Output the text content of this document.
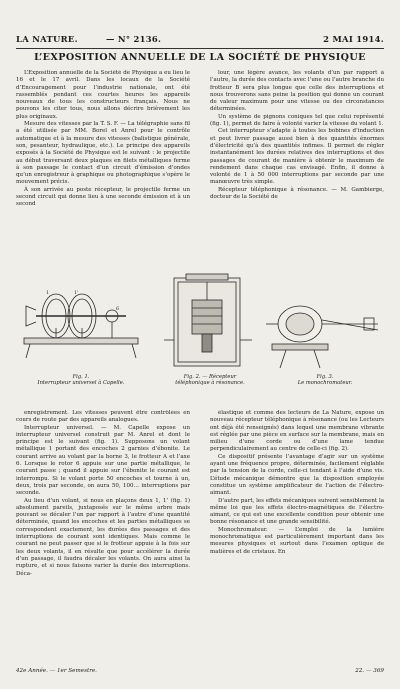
LA NATURE.	— N° 2136.	2 MAI 1914.
L’EXPOSITION ANNUELLE DE LA SOCIÉTÉ DE PHYSIQUE

L’Exposition annuelle de la Société de Physique a eu lieu le 16 et le 17 avril. Dans les locaux de la Société d’Encouragement pour l’industrie nationale, ont été rassemblés pendant ces courtes heures les appareils nouveaux de tous les constructeurs français. Nous ne pouvons les citer tous, nous allons décrire brièvement les plus originaux.

Mesure des vitesses par la T. S. F. — La télégraphie sans fil a été utilisée par MM. Borel et Anrel pour le contrôle automatique et à la mesure des vitesses (balistique générale, son, pesanteur, hydraulique, etc.). Le principe des appareils exposés à la Société de Physique est le suivant : le projectile au début traversant deux plaques en filets métalliques ferme à son passage le contact d’un circuit d’émission d’ondes qu’un enregistreur à graphique ou photographique s’opère le mouvement précis.

À son arrivée au poste récepteur, le projectile ferme un second circuit qui donne lieu à une seconde émission et à un second

lour, une légère avance, les volants d’un par rapport à l’autre, la durée des contacts avec l’une ou l’autre branche du frotteur B sera plus longue que celle des interruptions et nous trouverons sans peine la position qui donne un courant de valeur maximum pour une vitesse ou des circonstances déterminées.

Un système de pignons coniques tel que celui représenté (fig. 1), permet de faire à volonté varier la vitesse du volant 1.

Cet interrupteur s’adapte à toutes les bobines d’induction et peut livrer passage aussi bien à des quantités énormes d’électricité qu’à des quantités infimes. Il permet de régler instantanément les durées relatives des interruptions et des passages de courant de manière à obtenir le maximum de rendement dans chaque cas envisagé. Enfin, il donne à volonté de 1 à 50 000 interruptions par seconde par une manœuvre très simple.

Récepteur téléphonique à résonance. — M. Gambierge, docteur de la Société de

1	1'
6
Fig. 1.
Interrupteur universel à Capelle.
Fig. 2. — Récepteur
téléphonique à résonance.
Fig. 3.
Le monochromateur.

enregistrement. Les vitesses peuvent être contrôlées en cours de route par des appareils analogues.

Interrupteur universel. — M. Capelle expose un interrupteur universel construit par M. Anrel et dont le principe est le suivant (fig. 1). Supposons un volant métallique 1 portant des encoches 2 garnies d’ébonite. Le courant arrive au volant par la borne 3, le frotteur A et l’axe 6. Lorsque le rotor 6 appuie sur une partie métallique, le courant passe ; quand il appuie sur l’ébonite le courant est interrompu. Si le volant porte 50 encoches et tourne à un, deux, trois par seconde, on aura 50, 100… interruptions par seconde.

Au lieu d’un volant, si nous en plaçons deux 1, 1’ (fig. 1) absolument pareils, juxtaposés sur le même arbre mais pouvant se décaler l’un par rapport à l’autre d’une quantité déterminée, quand les encoches et les parties métalliques se correspondent exactement, les durées des passages et des interruptions de courant sont identiques. Mais comme le courant ne peut passer que si le frotteur appuie à la fois sur les deux volants, il en résulte que pour accélérer la durée d’un passage, il faudra décaler les volants. On aura ainsi la rupture, et si nous faisons varier la durée des interruptions. Déca-

élastique et comme des lecteurs de La Nature, expose un nouveau récepteur téléphonique à résonance (ou les Lecteurs ont déjà été renseignés) dans lequel une membrane vibrante est réglée par une pièce en surface sur la membrane, mais en milieu d’une corde ou d’une lame tendue perpendiculairement au centre de celle-ci (fig. 2).

Ce dispositif présente l’avantage d’agir sur un système ayant une fréquence propre, déterminée, facilement réglable par la tension de la corde, celle-ci tendant à l’aide d’une vis. L’étude mécanique démontre que la disposition employée constitue un système amplificateur de l’action de l’électro-aimant.

D’autre part, les effets mécaniques suivent sensiblement la même loi que les effets électro-magnétiques de l’électro-aimant, ce qui est une excellente condition pour obtenir une bonne résonance et une grande sensibilité.

Monochromateur. — L’emploi de la lumière monochromatique est particulièrement important dans les mesures physiques et surtout dans l’examen optique de matières et de cristaux. En

42e Année. — 1er Semestre.	22. — 369
